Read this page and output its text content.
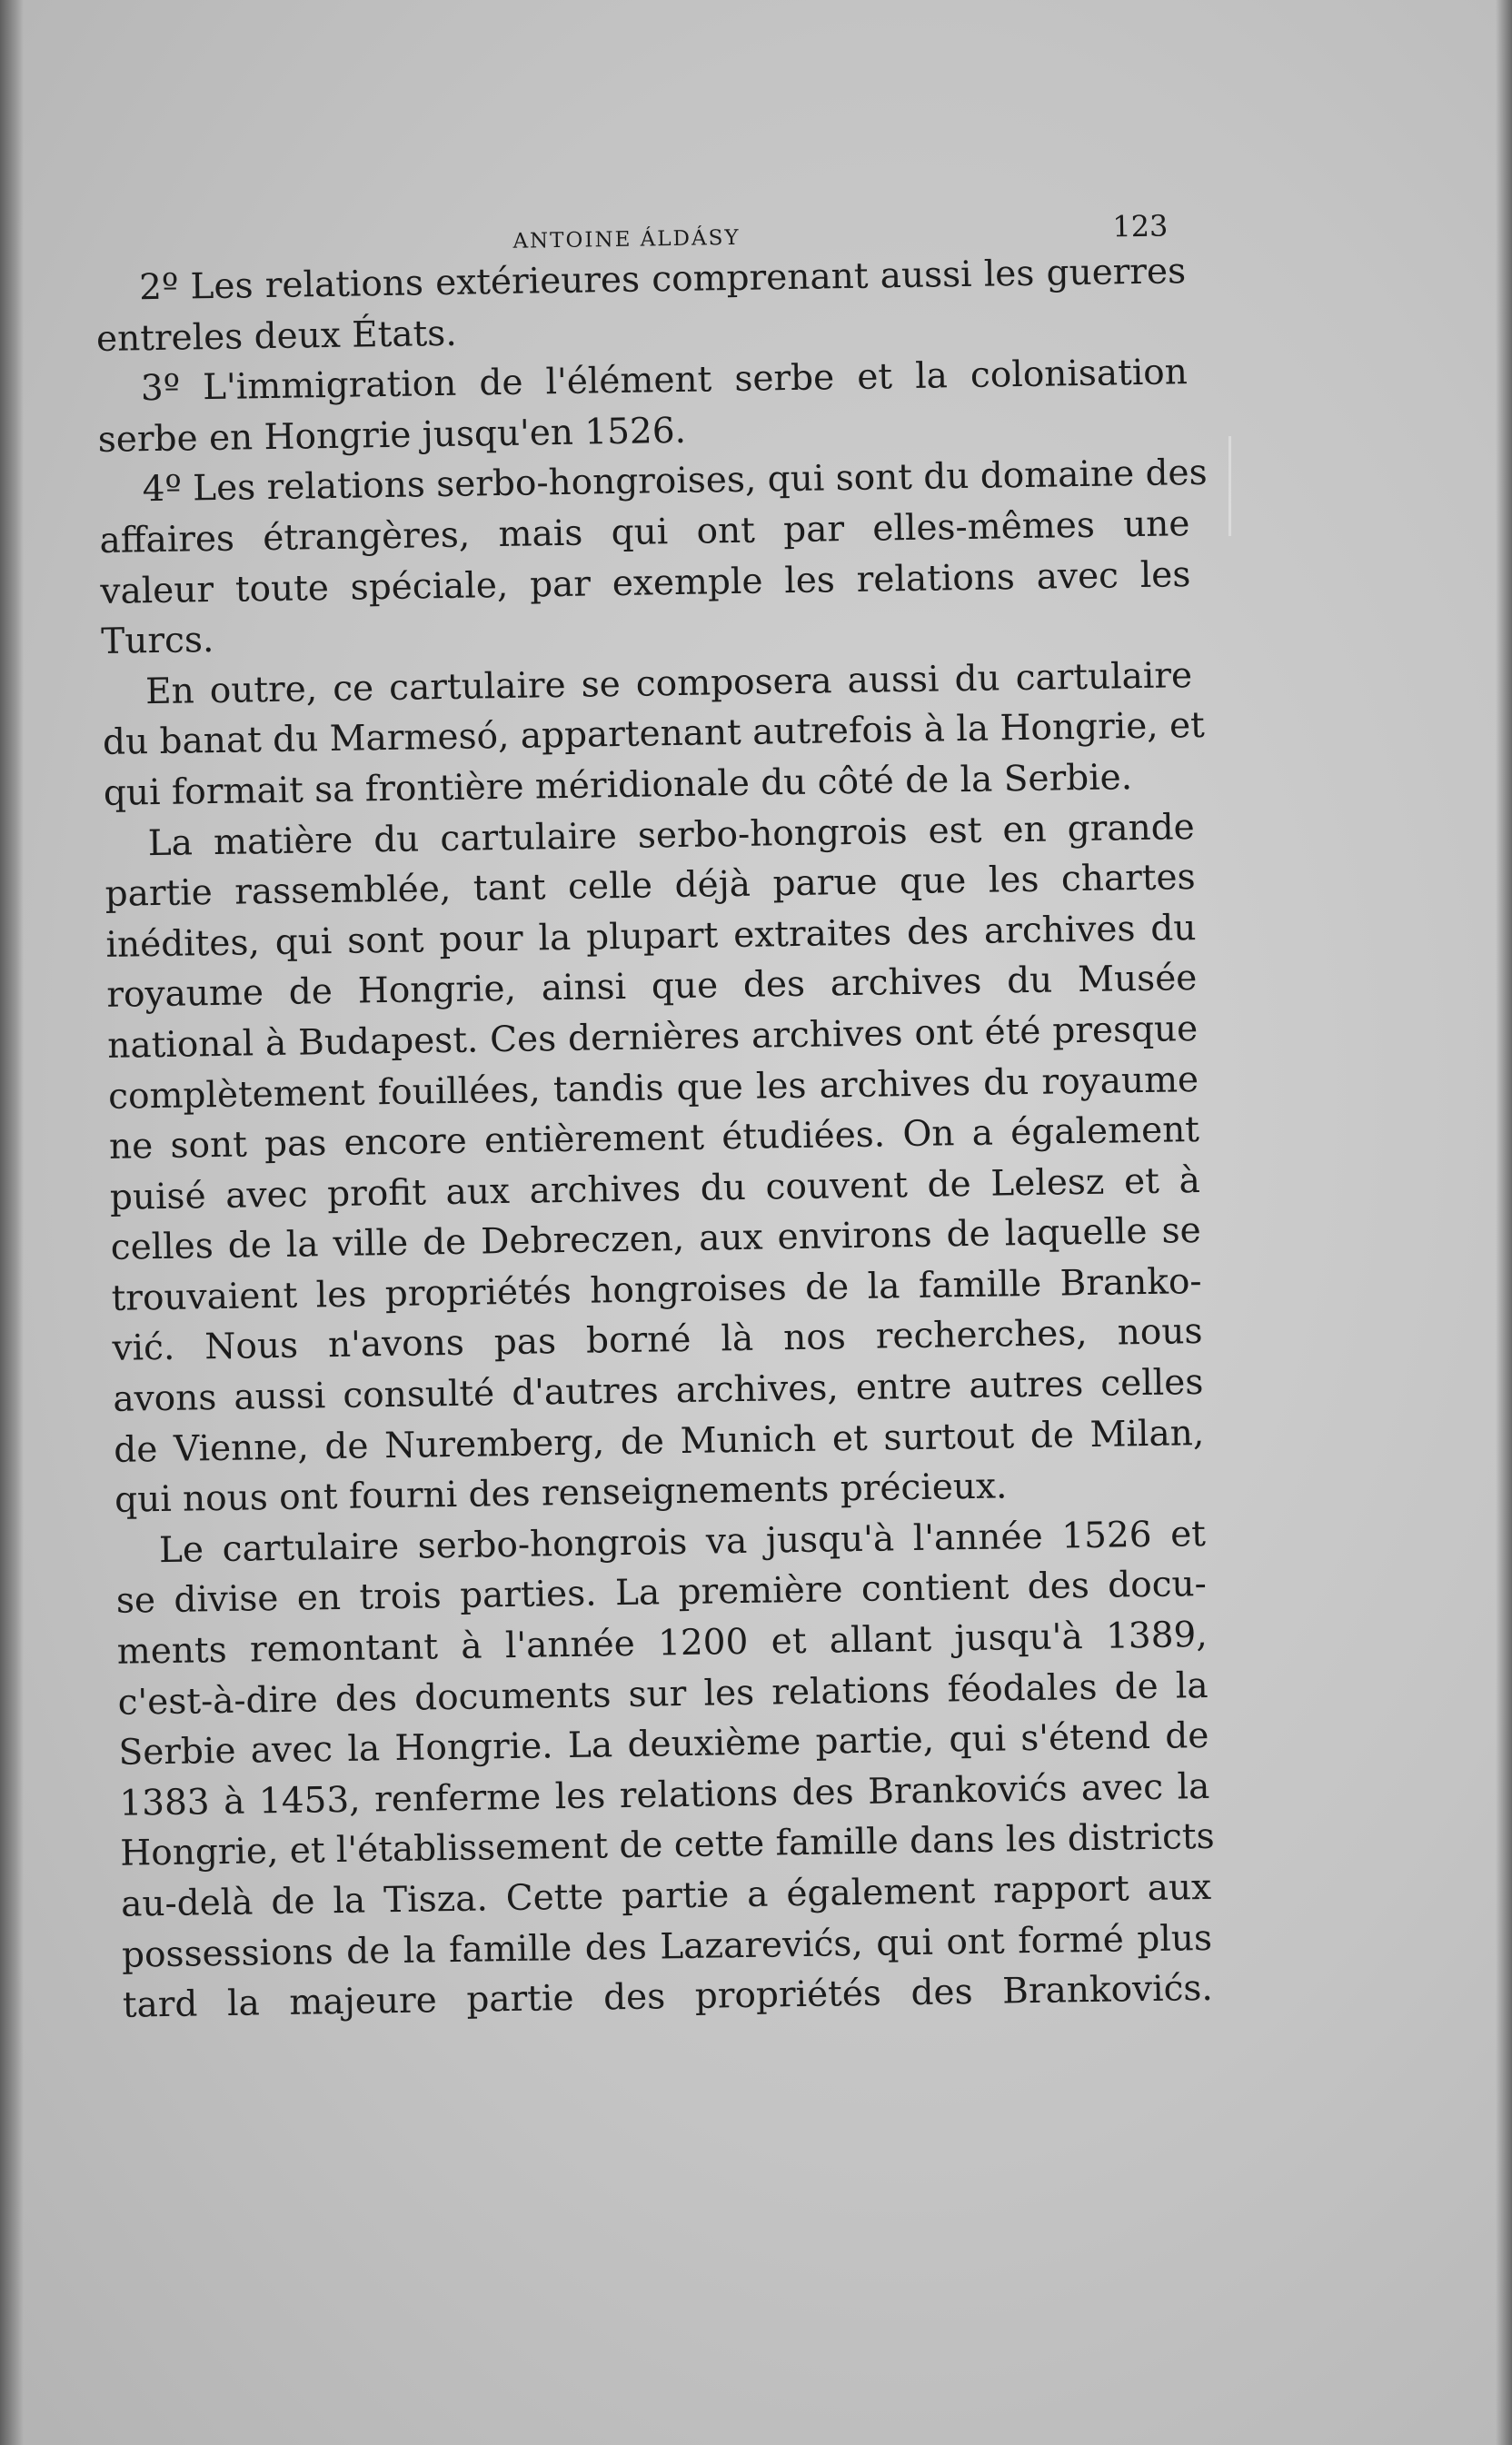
ANTOINE ÁLDÁSY	123
2º Les relations extérieures comprenant aussi les guerres
entreles deux États.
3º L'immigration de l'élément serbe et la colonisation
serbe en Hongrie jusqu'en 1526.
4º Les relations serbo-hongroises, qui sont du domaine des
affaires étrangères, mais qui ont par elles-mêmes une
valeur toute spéciale, par exemple les relations avec les
Turcs.
En outre, ce cartulaire se composera aussi du cartulaire
du banat du Marmesó, appartenant autrefois à la Hongrie, et
qui formait sa frontière méridionale du côté de la Serbie.
La matière du cartulaire serbo-hongrois est en grande
partie rassemblée, tant celle déjà parue que les chartes
inédites, qui sont pour la plupart extraites des archives du
royaume de Hongrie, ainsi que des archives du Musée
national à Budapest. Ces dernières archives ont été presque
complètement fouillées, tandis que les archives du royaume
ne sont pas encore entièrement étudiées. On a également
puisé avec profit aux archives du couvent de Lelesz et à
celles de la ville de Debreczen, aux environs de laquelle se
trouvaient les propriétés hongroises de la famille Branko-
vić. Nous n'avons pas borné là nos recherches, nous
avons aussi consulté d'autres archives, entre autres celles
de Vienne, de Nuremberg, de Munich et surtout de Milan,
qui nous ont fourni des renseignements précieux.
Le cartulaire serbo-hongrois va jusqu'à l'année 1526 et
se divise en trois parties. La première contient des docu-
ments remontant à l'année 1200 et allant jusqu'à 1389,
c'est-à-dire des documents sur les relations féodales de la
Serbie avec la Hongrie. La deuxième partie, qui s'étend de
1383 à 1453, renferme les relations des Brankovićs avec la
Hongrie, et l'établissement de cette famille dans les districts
au-delà de la Tisza. Cette partie a également rapport aux
possessions de la famille des Lazarevićs, qui ont formé plus
tard la majeure partie des propriétés des Brankovićs.
